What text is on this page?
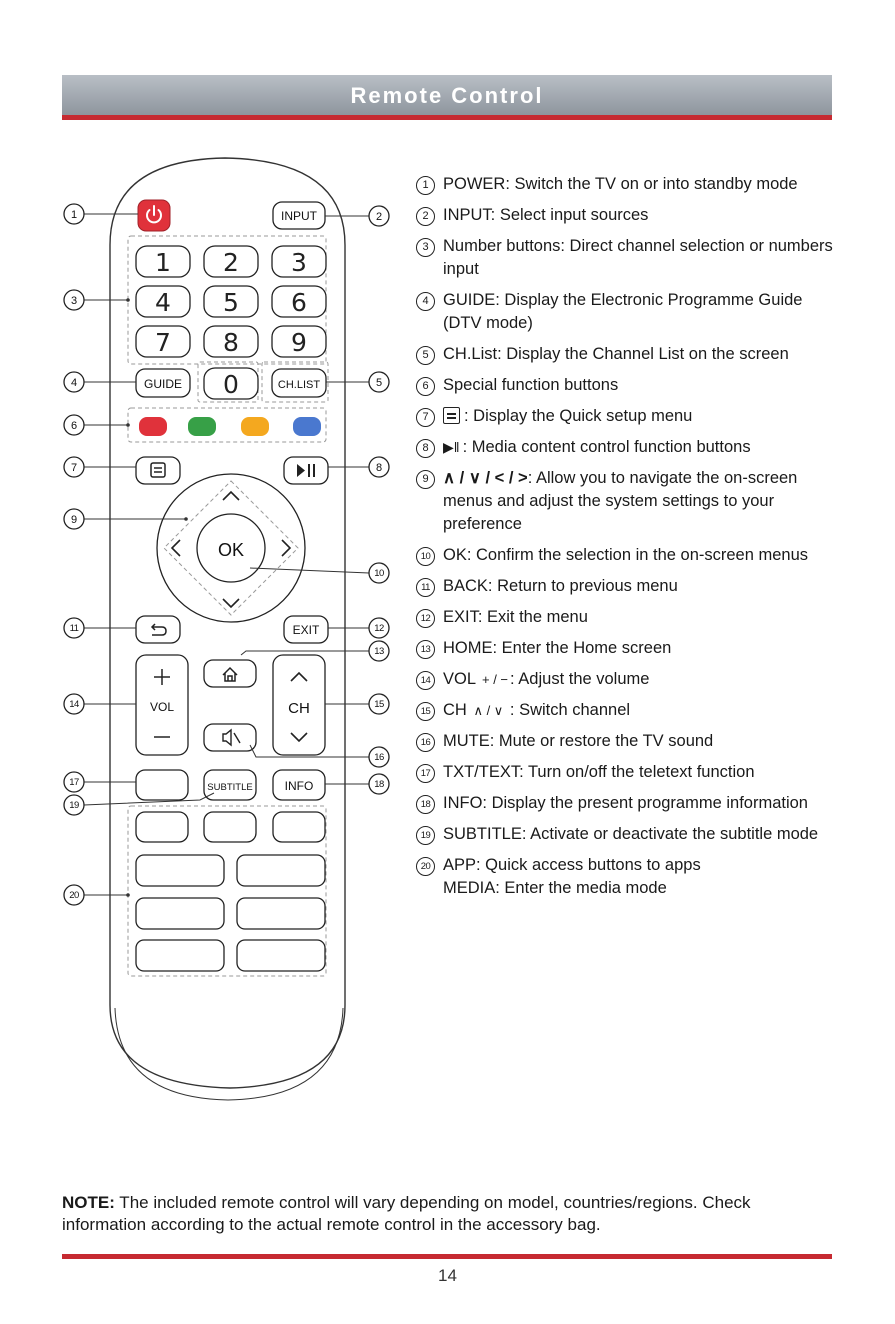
Remote Control
INPUT
1 2 3
4 5 6
7 8 9
0
GUIDE	CH.LIST
OK
EXIT
VOL	CH
SUBTITLE	INFO
1	2
3
4	5
6
7	8
9
10
11	12
13
14	15
16
17	18
19
20
1 POWER: Switch the TV on or into standby mode
2 INPUT: Select input sources
3 Number buttons: Direct channel selection or numbers input
4 GUIDE: Display the Electronic Programme Guide (DTV mode)
5 CH.List: Display the Channel List on the screen
6 Special function buttons
7	: Display the Quick setup menu
8	▶‖ : Media content control function buttons
9 ∧ / ∨ / < / >: Allow you to navigate the on-screen menus and adjust the system settings to your preference
10 OK: Confirm the selection in the on-screen menus
11 BACK: Return to previous menu
12 EXIT: Exit the menu
13 HOME: Enter the Home screen
14 VOL + / − : Adjust the volume
15 CH ∧ / ∨ : Switch channel
16 MUTE: Mute or restore the TV sound
17 TXT/TEXT: Turn on/off the teletext function
18 INFO: Display the present programme information
19 SUBTITLE: Activate or deactivate the subtitle mode
20 APP: Quick access buttons to apps
MEDIA: Enter the media mode
NOTE: The included remote control will vary depending on model, countries/regions. Check information according to the actual remote control in the accessory bag.
14
